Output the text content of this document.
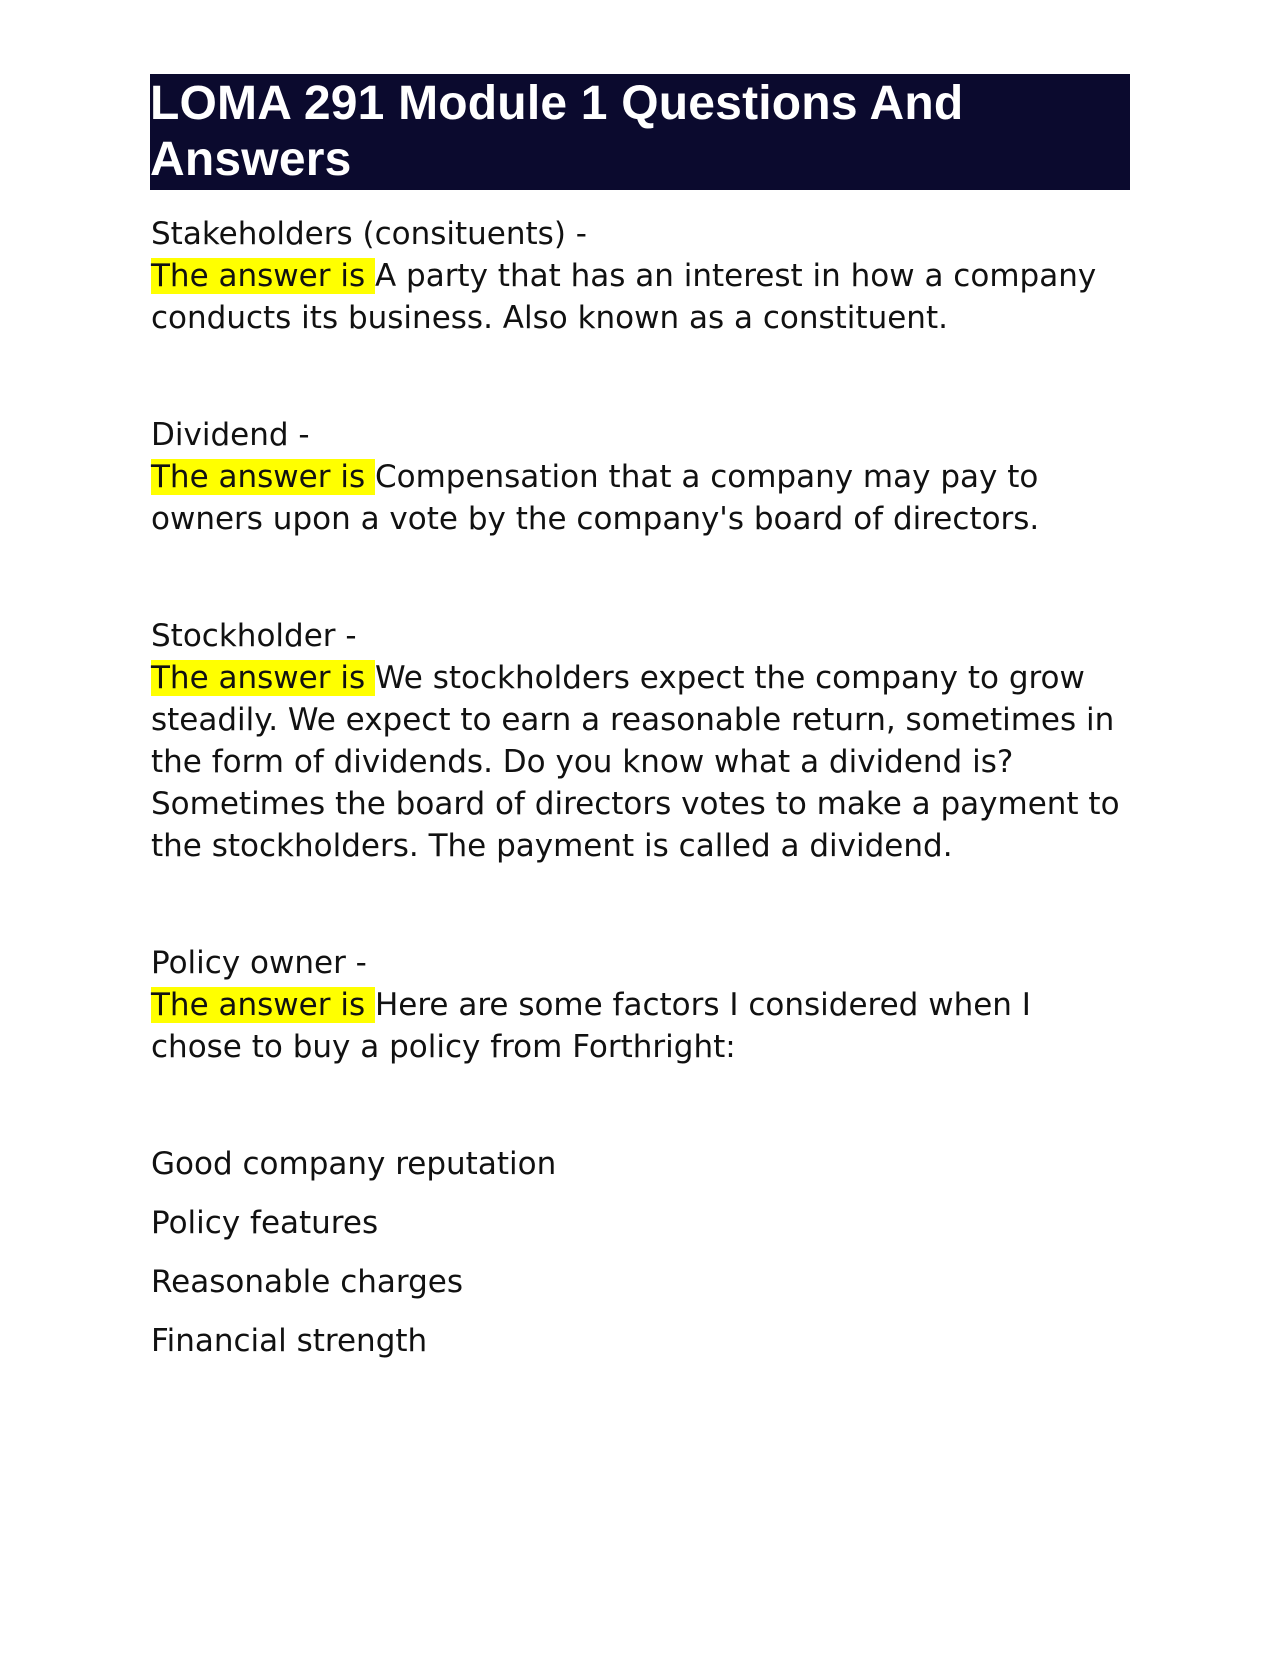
LOMA 291 Module 1 Questions And Answers

Stakeholders (consituents) -

The answer is A party that has an interest in how a company conducts its business. Also known as a constituent.

Dividend -

The answer is Compensation that a company may pay to owners upon a vote by the company's board of directors.

Stockholder -

The answer is We stockholders expect the company to grow steadily. We expect to earn a reasonable return, sometimes in the form of dividends. Do you know what a dividend is? Sometimes the board of directors votes to make a payment to the stockholders. The payment is called a dividend.

Policy owner -

The answer is Here are some factors I considered when I chose to buy a policy from Forthright:

Good company reputation

Policy features

Reasonable charges

Financial strength
